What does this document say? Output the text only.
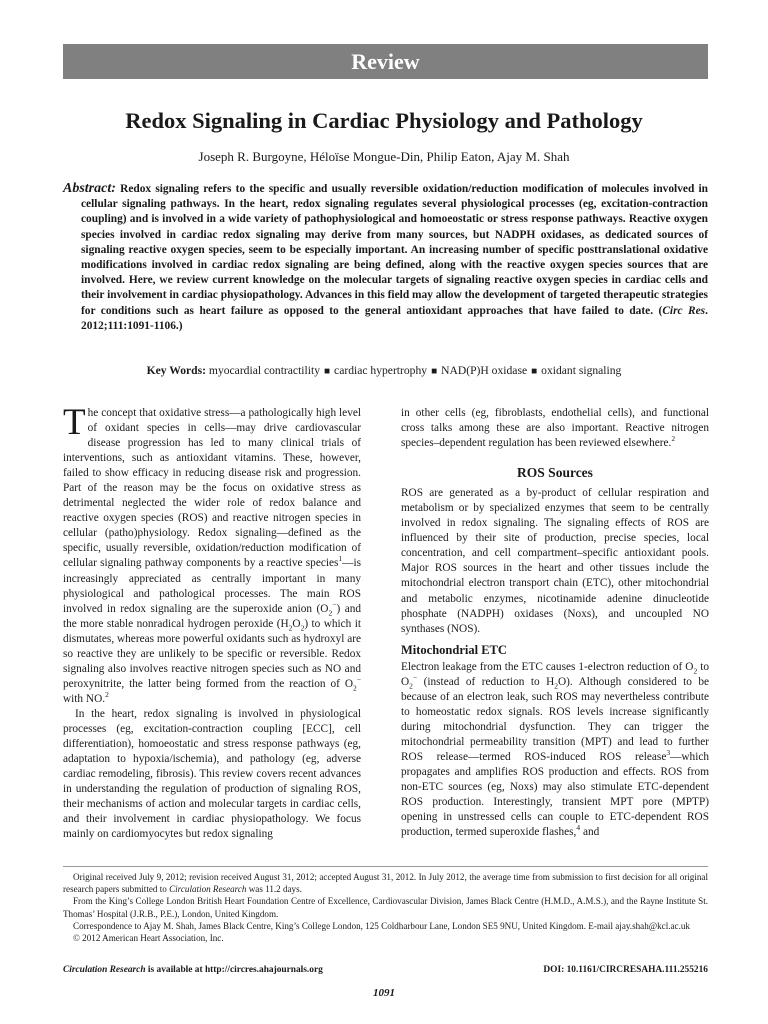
Review
Redox Signaling in Cardiac Physiology and Pathology
Joseph R. Burgoyne, Héloïse Mongue-Din, Philip Eaton, Ajay M. Shah
Abstract: Redox signaling refers to the specific and usually reversible oxidation/reduction modification of molecules involved in cellular signaling pathways. In the heart, redox signaling regulates several physiological processes (eg, excitation-contraction coupling) and is involved in a wide variety of pathophysiological and homoeostatic or stress response pathways. Reactive oxygen species involved in cardiac redox signaling may derive from many sources, but NADPH oxidases, as dedicated sources of signaling reactive oxygen species, seem to be especially important. An increasing number of specific posttranslational oxidative modifications involved in cardiac redox signaling are being defined, along with the reactive oxygen species sources that are involved. Here, we review current knowledge on the molecular targets of signaling reactive oxygen species in cardiac cells and their involvement in cardiac physiopathology. Advances in this field may allow the development of targeted therapeutic strategies for conditions such as heart failure as opposed to the general antioxidant approaches that have failed to date. (Circ Res. 2012;111:1091-1106.)
Key Words: myocardial contractility ■ cardiac hypertrophy ■ NAD(P)H oxidase ■ oxidant signaling

The concept that oxidative stress—a pathologically high level of oxidant species in cells—may drive cardiovascular disease progression has led to many clinical trials of interventions, such as antioxidant vitamins. These, however, failed to show efficacy in reducing disease risk and progression. Part of the reason may be the focus on oxidative stress as detrimental neglected the wider role of redox balance and reactive oxygen species (ROS) and reactive nitrogen species in cellular (patho)physiology. Redox signaling—defined as the specific, usually reversible, oxidation/reduction modification of cellular signaling pathway components by a reactive species$^1$—is increasingly appreciated as centrally important in many physiological and pathological processes. The main ROS involved in redox signaling are the superoxide anion $(O_2^-)$ and the more stable nonradical hydrogen peroxide $(H_2O_2)$ to which it dismutates, whereas more powerful oxidants such as hydroxyl are so reactive they are unlikely to be specific or reversible. Redox signaling also involves reactive nitrogen species such as NO and peroxynitrite, the latter being formed from the reaction of $O_2^-$ with NO.$^2$

In the heart, redox signaling is involved in physiological processes (eg, excitation-contraction coupling [ECC], cell differentiation), homoeostatic and stress response pathways (eg, adaptation to hypoxia/ischemia), and pathology (eg, adverse cardiac remodeling, fibrosis). This review covers recent advances in understanding the regulation of production of signaling ROS, their mechanisms of action and molecular targets in cardiac cells, and their involvement in cardiac physiopathology. We focus mainly on cardiomyocytes but redox signaling

in other cells (eg, fibroblasts, endothelial cells), and functional cross talks among these are also important. Reactive nitrogen species–dependent regulation has been reviewed elsewhere.$^2$

ROS Sources

ROS are generated as a by-product of cellular respiration and metabolism or by specialized enzymes that seem to be centrally involved in redox signaling. The signaling effects of ROS are influenced by their site of production, precise species, local concentration, and cell compartment–specific antioxidant pools. Major ROS sources in the heart and other tissues include the mitochondrial electron transport chain (ETC), other mitochondrial and metabolic enzymes, nicotinamide adenine dinucleotide phosphate (NADPH) oxidases (Noxs), and uncoupled NO synthases (NOS).

Mitochondrial ETC

Electron leakage from the ETC causes 1-electron reduction of $O_2$ to $O_2^-$ (instead of reduction to $H_2O$). Although considered to be because of an electron leak, such ROS may nevertheless contribute to homeostatic redox signals. ROS levels increase significantly during mitochondrial dysfunction. They can trigger the mitochondrial permeability transition (MPT) and lead to further ROS release—termed ROS-induced ROS release$^3$—which propagates and amplifies ROS production and effects. ROS from non-ETC sources (eg, Noxs) may also stimulate ETC-dependent ROS production. Interestingly, transient MPT pore (MPTP) opening in unstressed cells can couple to ETC-dependent ROS production, termed superoxide flashes,$^4$ and

Original received July 9, 2012; revision received August 31, 2012; accepted August 31, 2012. In July 2012, the average time from submission to first decision for all original research papers submitted to Circulation Research was 11.2 days.

From the King’s College London British Heart Foundation Centre of Excellence, Cardiovascular Division, James Black Centre (H.M.D., A.M.S.), and the Rayne Institute St. Thomas’ Hospital (J.R.B., P.E.), London, United Kingdom.

Correspondence to Ajay M. Shah, James Black Centre, King’s College London, 125 Coldharbour Lane, London SE5 9NU, United Kingdom. E-mail ajay.shah@kcl.ac.uk

© 2012 American Heart Association, Inc.

Circulation Research is available at http://circres.ahajournals.org	DOI: 10.1161/CIRCRESAHA.111.255216
1091
